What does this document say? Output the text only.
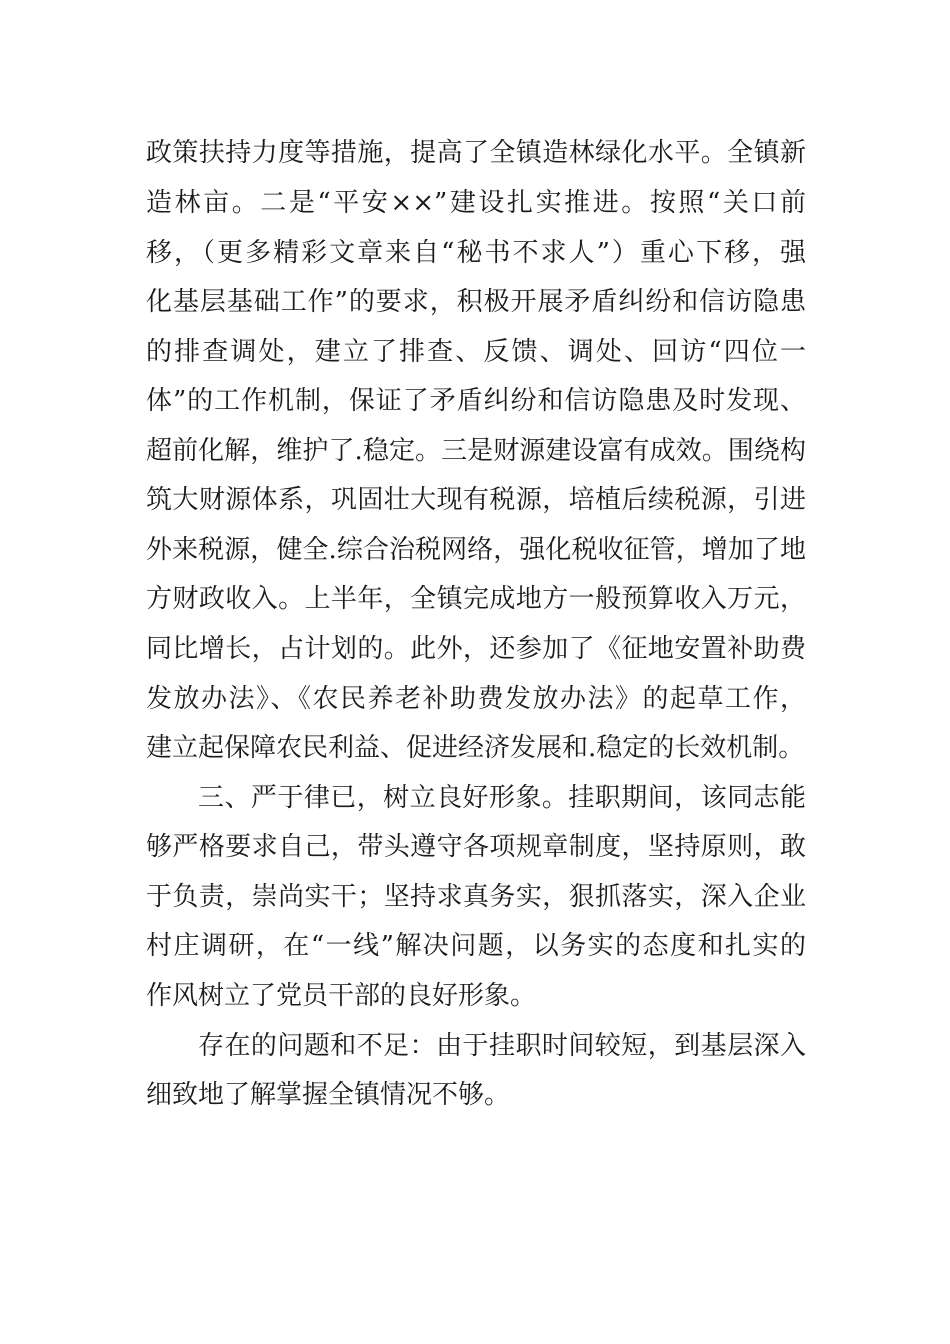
政策扶持力度等措施，提高了全镇造林绿化水平。全镇新
造林亩。二是“平安××”建设扎实推进。按照“关口前
移，（更多精彩文章来自“秘书不求人”）重心下移，强
化基层基础工作”的要求，积极开展矛盾纠纷和信访隐患
的排查调处，建立了排查、反馈、调处、回访“四位一
体”的工作机制，保证了矛盾纠纷和信访隐患及时发现、
超前化解，维护了.稳定。三是财源建设富有成效。围绕构
筑大财源体系，巩固壮大现有税源，培植后续税源，引进
外来税源，健全.综合治税网络，强化税收征管，增加了地
方财政收入。上半年，全镇完成地方一般预算收入万元，
同比增长，占计划的。此外，还参加了《征地安置补助费
发放办法》、《农民养老补助费发放办法》的起草工作，
建立起保障农民利益、促进经济发展和.稳定的长效机制。
三、严于律已，树立良好形象。挂职期间，该同志能
够严格要求自己，带头遵守各项规章制度，坚持原则，敢
于负责，崇尚实干；坚持求真务实，狠抓落实，深入企业
村庄调研，在“一线”解决问题，以务实的态度和扎实的
作风树立了党员干部的良好形象。
存在的问题和不足：由于挂职时间较短，到基层深入
细致地了解掌握全镇情况不够。
